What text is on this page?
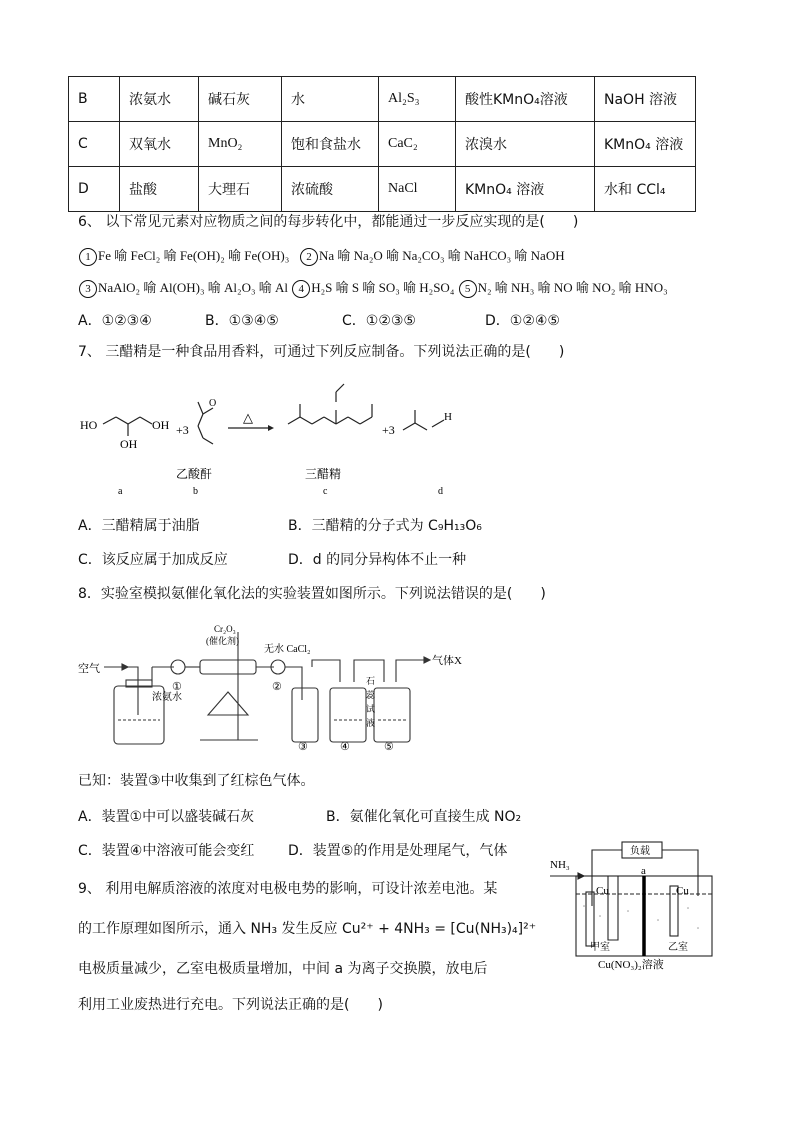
B	浓氨水	碱石灰	水	Al₂S₃	酸性KMnO₄溶液	NaOH 溶液
C	双氧水	MnO₂	饱和食盐水	CaC₂	浓溴水	KMnO₄ 溶液
D	盐酸	大理石	浓硫酸	NaCl	KMnO₄ 溶液	水和 CCl₄
6、 以下常见元素对应物质之间的每步转化中，都能通过一步反应实现的是(　　)
1 Fe 喻 FeCl₂ 喻 Fe(OH)₂ 喻 Fe(OH)₃ 2 Na 喻 Na₂O 喻 Na₂CO₃ 喻 NaHCO₃ 喻 NaOH
3 NaAlO₂ 喻 Al(OH)₃ 喻 Al₂O₃ 喻 Al 4 H₂S 喻 S 喻 SO₃ 喻 H₂SO₄ 5 N₂ 喻 NH₃ 喻 NO 喻 NO₂ 喻 HNO₃
A．①②③④	B．①③④⑤	C．①②③⑤	D．①②④⑤
7、 三醋精是一种食品用香料，可通过下列反应制备。下列说法正确的是(　　)
HO	OH
OH
+3
O
△
+3
H
乙酸酐	三醋精
a	b	c	d
A．三醋精属于油脂	B．三醋精的分子式为 C₉H₁₃O₆
C．该反应属于加成反应	D．d 的同分异构体不止一种
8．实验室模拟氨催化氧化法的实验装置如图所示。下列说法错误的是(　　)
空气
Cr₂O₃
(催化剂)
无水 CaCl₂
气体X
浓氨水
石
蕊
试
液
①	②
③	④	⑤
已知：装置③中收集到了红棕色气体。
A．装置①中可以盛装碱石灰	B．氨催化氧化可直接生成 NO₂
C．装置④中溶液可能会变红 D．装置⑤的作用是处理尾气，气体
9、 利用电解质溶液的浓度对电极电势的影响，可设计浓差电池。某
的工作原理如图所示，通入 NH₃ 发生反应 Cu²⁺ + 4NH₃ = [Cu(NH₃)₄]²⁺
电极质量减少，乙室电极质量增加，中间 a 为离子交换膜，放电后
利用工业废热进行充电。下列说法正确的是(　　)
NH₃
负载
Cu	Cu
a
甲室	乙室
Cu(NO₃)₂溶液
